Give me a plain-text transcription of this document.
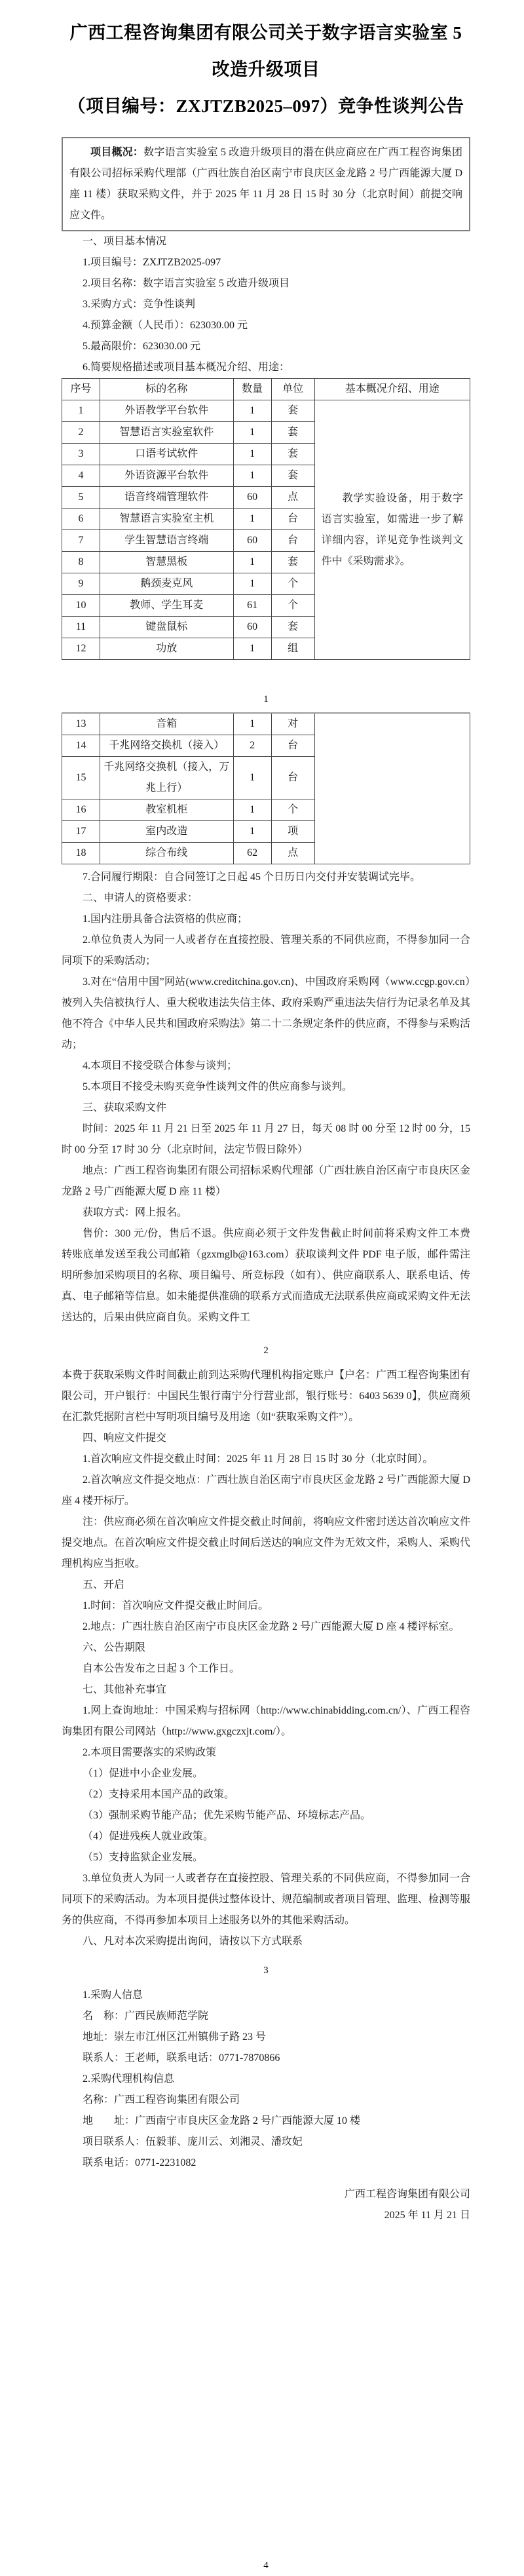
广西工程咨询集团有限公司关于数字语言实验室 5 改造升级项目
（项目编号：ZXJTZB2025–097）竞争性谈判公告

项目概况：数字语言实验室 5 改造升级项目的潜在供应商应在广西工程咨询集团有限公司招标采购代理部（广西壮族自治区南宁市良庆区金龙路 2 号广西能源大厦 D 座 11 楼）获取采购文件，并于 2025 年 11 月 28 日 15 时 30 分（北京时间）前提交响应文件。

一、项目基本情况

1.项目编号：ZXJTZB2025-097

2.项目名称：数字语言实验室 5 改造升级项目

3.采购方式：竞争性谈判

4.预算金额（人民币）：623030.00 元

5.最高限价：623030.00 元

6.简要规格描述或项目基本概况介绍、用途：

序号	标的名称	数量	单位	基本概况介绍、用途
1	外语教学平台软件	1	套	教学实验设备，用于数字语言实验室，如需进一步了解详细内容，详见竞争性谈判文件中《采购需求》。
2	智慧语言实验室软件	1	套	
3	口语考试软件	1	套	
4	外语资源平台软件	1	套	
5	语音终端管理软件	60	点	
6	智慧语言实验室主机	1	台	
7	学生智慧语言终端	60	台	
8	智慧黑板	1	套	
9	鹅颈麦克风	1	个	
10	教师、学生耳麦	61	个	
11	键盘鼠标	60	套	
12	功放	1	组	
1
13	音箱	1	对	
14	千兆网络交换机（接入）	2	台	
15	千兆网络交换机（接入，万兆上行）	1	台	
16	教室机柜	1	个	
17	室内改造	1	项	
18	综合布线	62	点	

7.合同履行期限：自合同签订之日起 45 个日历日内交付并安装调试完毕。

二、申请人的资格要求：

1.国内注册具备合法资格的供应商；

2.单位负责人为同一人或者存在直接控股、管理关系的不同供应商，不得参加同一合同项下的采购活动；

3.对在“信用中国”网站(www.creditchina.gov.cn)、中国政府采购网（www.ccgp.gov.cn）被列入失信被执行人、重大税收违法失信主体、政府采购严重违法失信行为记录名单及其他不符合《中华人民共和国政府采购法》第二十二条规定条件的供应商，不得参与采购活动；

4.本项目不接受联合体参与谈判；

5.本项目不接受未购买竞争性谈判文件的供应商参与谈判。

三、获取采购文件

时间：2025 年 11 月 21 日至 2025 年 11 月 27 日，每天 08 时 00 分至 12 时 00 分，15 时 00 分至 17 时 30 分（北京时间，法定节假日除外）

地点：广西工程咨询集团有限公司招标采购代理部（广西壮族自治区南宁市良庆区金龙路 2 号广西能源大厦 D 座 11 楼）

获取方式：网上报名。

售价：300 元/份，售后不退。供应商必须于文件发售截止时间前将采购文件工本费转账底单发送至我公司邮箱（gzxmglb@163.com）获取谈判文件 PDF 电子版，邮件需注明所参加采购项目的名称、项目编号、所竞标段（如有）、供应商联系人、联系电话、传真、电子邮箱等信息。如未能提供准确的联系方式而造成无法联系供应商或采购文件无法送达的，后果由供应商自负。采购文件工

2

本费于获取采购文件时间截止前到达采购代理机构指定账户【户名：广西工程咨询集团有限公司，开户银行：中国民生银行南宁分行营业部，银行账号：6403 5639 0】，供应商须在汇款凭据附言栏中写明项目编号及用途（如“获取采购文件”）。

四、响应文件提交

1.首次响应文件提交截止时间：2025 年 11 月 28 日 15 时 30 分（北京时间）。

2.首次响应文件提交地点：广西壮族自治区南宁市良庆区金龙路 2 号广西能源大厦 D 座 4 楼开标厅。

注：供应商必须在首次响应文件提交截止时间前，将响应文件密封送达首次响应文件提交地点。在首次响应文件提交截止时间后送达的响应文件为无效文件，采购人、采购代理机构应当拒收。

五、开启

1.时间：首次响应文件提交截止时间后。

2.地点：广西壮族自治区南宁市良庆区金龙路 2 号广西能源大厦 D 座 4 楼评标室。

六、公告期限

自本公告发布之日起 3 个工作日。

七、其他补充事宜

1.网上查询地址：中国采购与招标网（http://www.chinabidding.com.cn/）、广西工程咨询集团有限公司网站（http://www.gxgczxjt.com/）。

2.本项目需要落实的采购政策

（1）促进中小企业发展。

（2）支持采用本国产品的政策。

（3）强制采购节能产品；优先采购节能产品、环境标志产品。

（4）促进残疾人就业政策。

（5）支持监狱企业发展。

3.单位负责人为同一人或者存在直接控股、管理关系的不同供应商，不得参加同一合同项下的采购活动。为本项目提供过整体设计、规范编制或者项目管理、监理、检测等服务的供应商，不得再参加本项目上述服务以外的其他采购活动。

八、凡对本次采购提出询问，请按以下方式联系

3

1.采购人信息

名　称：广西民族师范学院

地址：崇左市江州区江州镇佛子路 23 号

联系人：王老师，联系电话：0771-7870866

2.采购代理机构信息

名称：广西工程咨询集团有限公司

地　　址：广西南宁市良庆区金龙路 2 号广西能源大厦 10 楼

项目联系人：伍毅菲、庞川云、刘湘灵、潘玫妃

联系电话：0771-2231082

广西工程咨询集团有限公司

2025 年 11 月 21 日

4
